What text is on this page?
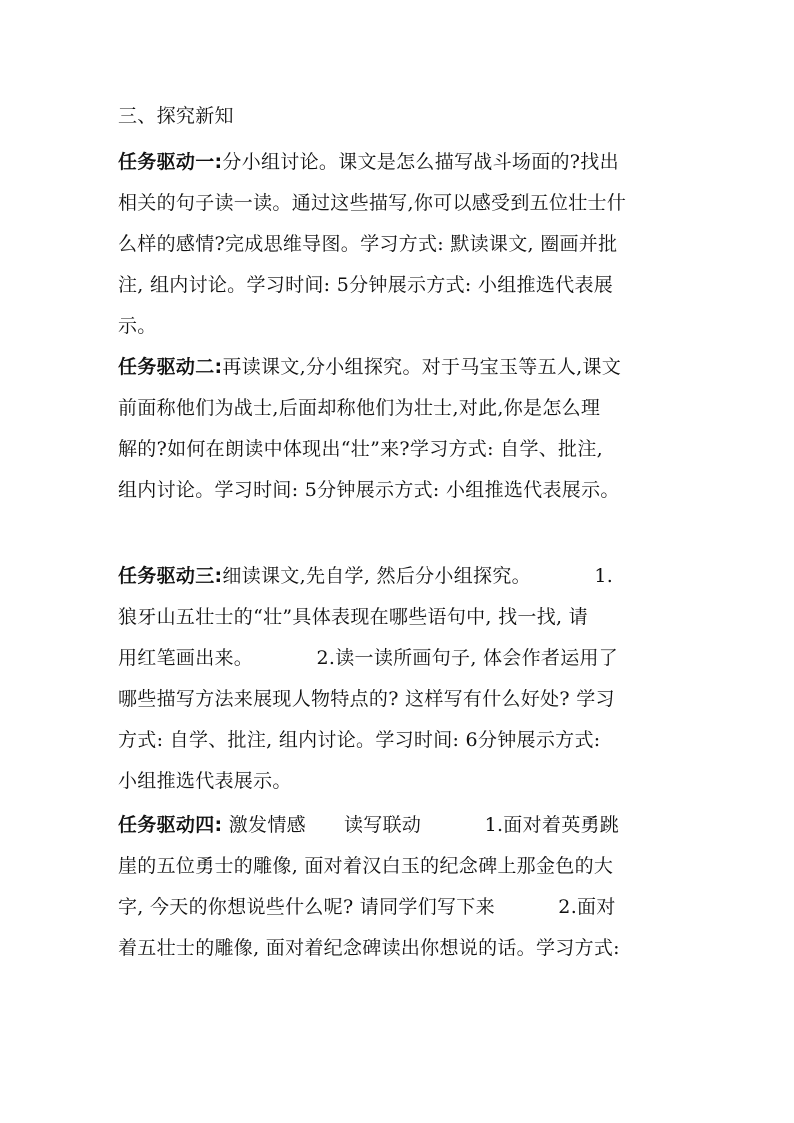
三、探究新知
任务驱动一:分小组讨论。课文是怎么描写战斗场面的?找出
相关的句子读一读。通过这些描写,你可以感受到五位壮士什
么样的感情?完成思维导图。学习方式: 默读课文, 圈画并批
注, 组内讨论。学习时间: 5分钟展示方式: 小组推选代表展
示。
任务驱动二:再读课文,分小组探究。对于马宝玉等五人,课文
前面称他们为战士,后面却称他们为壮士,对此,你是怎么理
解的?如何在朗读中体现出“壮”来?学习方式: 自学、批注,
组内讨论。学习时间: 5分钟展示方式: 小组推选代表展示。
任务驱动三:细读课文,先自学, 然后分小组探究。          1.
狼牙山五壮士的“壮”具体表现在哪些语句中, 找一找, 请
用红笔画出来。          2.读一读所画句子, 体会作者运用了
哪些描写方法来展现人物特点的? 这样写有什么好处? 学习
方式: 自学、批注, 组内讨论。学习时间: 6分钟展示方式:
小组推选代表展示。
任务驱动四: 激发情感      读写联动          1.面对着英勇跳
崖的五位勇士的雕像, 面对着汉白玉的纪念碑上那金色的大
字, 今天的你想说些什么呢? 请同学们写下来          2.面对
着五壮士的雕像, 面对着纪念碑读出你想说的话。学习方式:
